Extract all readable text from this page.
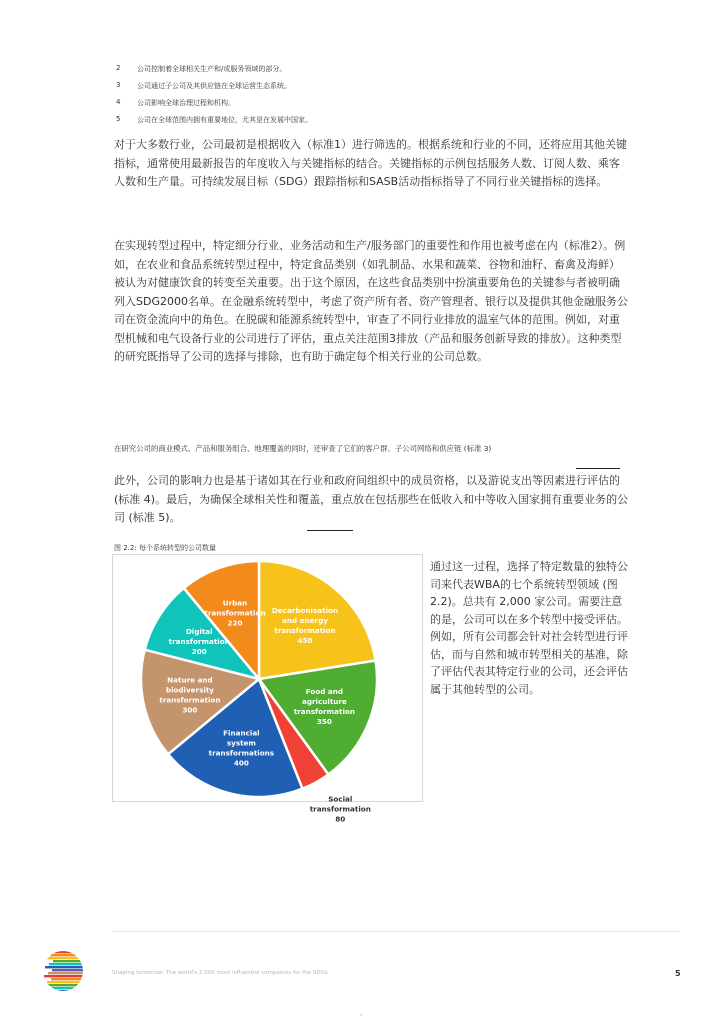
2	公司控制着全球相关生产和/或服务领域的部分。
3	公司通过子公司及其供应链在全球运营生态系统。
4	公司影响全球治理过程和机构。
5	公司在全球范围内拥有重要地位，尤其是在发展中国家。
对于大多数行业，公司最初是根据收入（标准1）进行筛选的。根据系统和行业的不同，还将应用其他关键指标，通常使用最新报告的年度收入与关键指标的结合。关键指标的示例包括服务人数、订阅人数、乘客人数和生产量。可持续发展目标（SDG）跟踪指标和SASB活动指标指导了不同行业关键指标的选择。
在实现转型过程中，特定细分行业、业务活动和生产/服务部门的重要性和作用也被考虑在内（标准2）。例如，在农业和食品系统转型过程中，特定食品类别（如乳制品、水果和蔬菜、谷物和油籽、畜禽及海鲜）被认为对健康饮食的转变至关重要。出于这个原因，在这些食品类别中扮演重要角色的关键参与者被明确列入SDG2000名单。在金融系统转型中，考虑了资产所有者、资产管理者、银行以及提供其他金融服务公司在资金流向中的角色。在脱碳和能源系统转型中，审查了不同行业排放的温室气体的范围。例如，对重型机械和电气设备行业的公司进行了评估，重点关注范围3排放（产品和服务创新导致的排放）。这种类型的研究既指导了公司的选择与排除，也有助于确定每个相关行业的公司总数。
在研究公司的商业模式、产品和服务组合、地理覆盖的同时，还审查了它们的客户群、子公司网络和供应链 (标准 3)
此外，公司的影响力也是基于诸如其在行业和政府间组织中的成员资格，以及游说支出等因素进行评估的 (标准 4)。最后，为确保全球相关性和覆盖，重点放在包括那些在低收入和中等收入国家拥有重要业务的公司 (标准 5)。
图 2.2: 每个系统转型的公司数量
Decarbonisation and energy transformation 450
Food and agriculture transformation 350
Social transformation 80
Financial system transformations 400
Nature and biodiversity transformation 300
Digital transformation 200
Urban transformation 220
通过这一过程，选择了特定数量的独特公司来代表WBA的七个系统转型领域 (图 2.2)。总共有 2,000 家公司。需要注意的是，公司可以在多个转型中接受评估。例如，所有公司都会针对社会转型进行评估，而与自然和城市转型相关的基准，除了评估代表其特定行业的公司，还会评估属于其他转型的公司。
Shaping tomorrow: The world's 2,000 most influential companies for the SDGs	5
"
